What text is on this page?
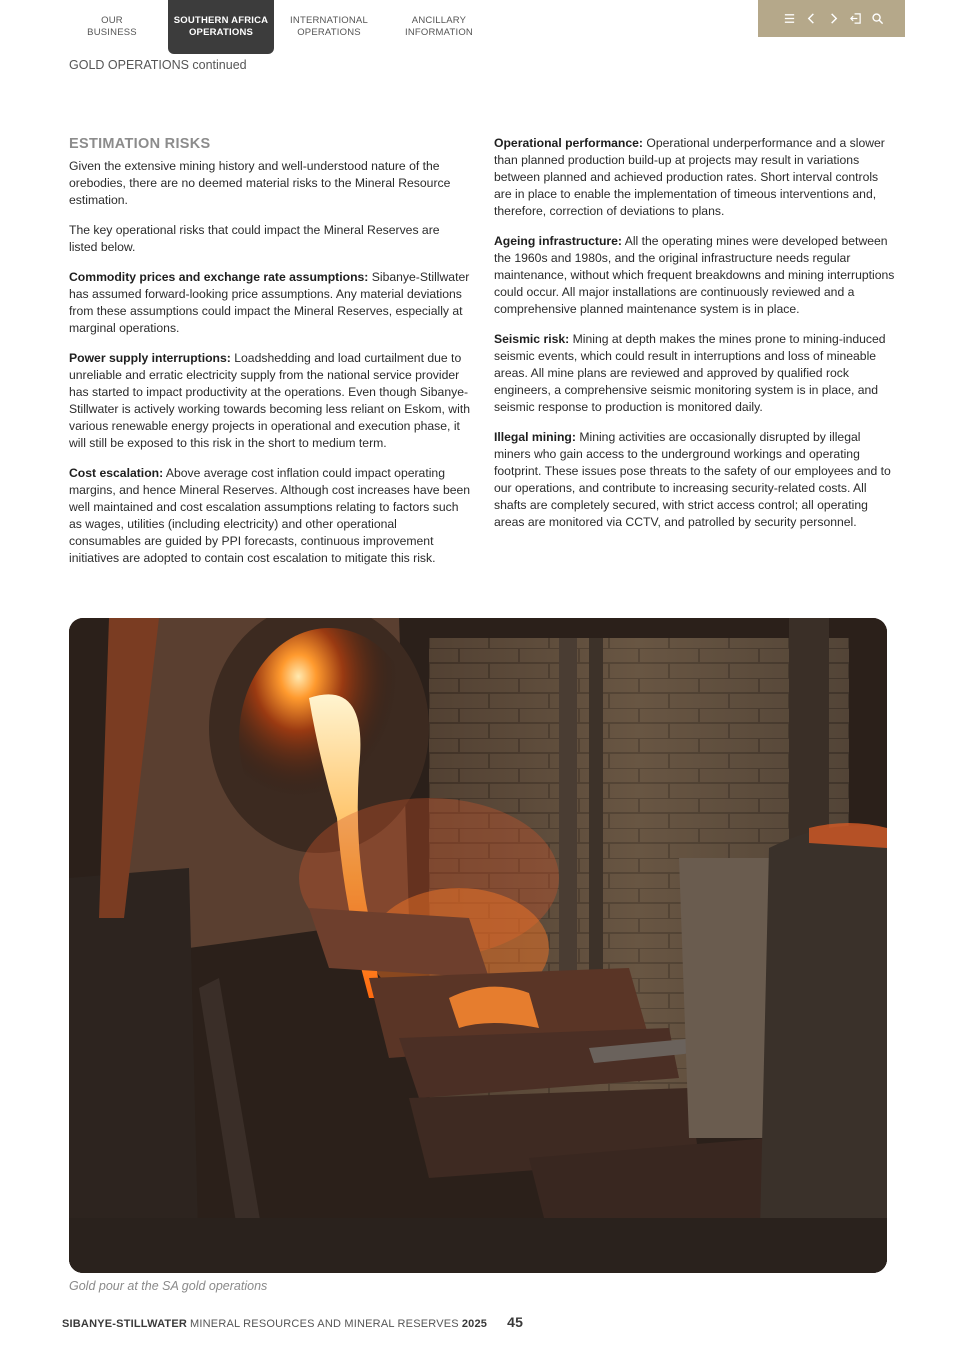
OUR
BUSINESS
SOUTHERN AFRICA
OPERATIONS
INTERNATIONAL
OPERATIONS
ANCILLARY
INFORMATION
GOLD OPERATIONS continued
ESTIMATION RISKS

Given the extensive mining history and well-understood nature of the orebodies, there are no deemed material risks to the Mineral Resource estimation.

The key operational risks that could impact the Mineral Reserves are listed below.

Commodity prices and exchange rate assumptions: Sibanye-Stillwater has assumed forward-looking price assumptions. Any material deviations from these assumptions could impact the Mineral Reserves, especially at marginal operations.

Power supply interruptions: Loadshedding and load curtailment due to unreliable and erratic electricity supply from the national service provider has started to impact productivity at the operations. Even though Sibanye-Stillwater is actively working towards becoming less reliant on Eskom, with various renewable energy projects in operational and execution phase, it will still be exposed to this risk in the short to medium term.

Cost escalation: Above average cost inflation could impact operating margins, and hence Mineral Reserves. Although cost increases have been well maintained and cost escalation assumptions relating to factors such as wages, utilities (including electricity) and other operational consumables are guided by PPI forecasts, continuous improvement initiatives are adopted to contain cost escalation to mitigate this risk.

Operational performance: Operational underperformance and a slower than planned production build-up at projects may result in variations between planned and achieved production rates. Short interval controls are in place to enable the implementation of timeous interventions and, therefore, correction of deviations to plans.

Ageing infrastructure: All the operating mines were developed between the 1960s and 1980s, and the original infrastructure needs regular maintenance, without which frequent breakdowns and mining interruptions could occur. All major installations are continuously reviewed and a comprehensive planned maintenance system is in place.

Seismic risk: Mining at depth makes the mines prone to mining-induced seismic events, which could result in interruptions and loss of mineable areas. All mine plans are reviewed and approved by qualified rock engineers, a comprehensive seismic monitoring system is in place, and seismic response to production is monitored daily.

Illegal mining: Mining activities are occasionally disrupted by illegal miners who gain access to the underground workings and operating footprint. These issues pose threats to the safety of our employees and to our operations, and contribute to increasing security-related costs. All shafts are completely secured, with strict access control; all operating areas are monitored via CCTV, and patrolled by security personnel.

Gold pour at the SA gold operations
SIBANYE-STILLWATER MINERAL RESOURCES AND MINERAL RESERVES 2025 45
